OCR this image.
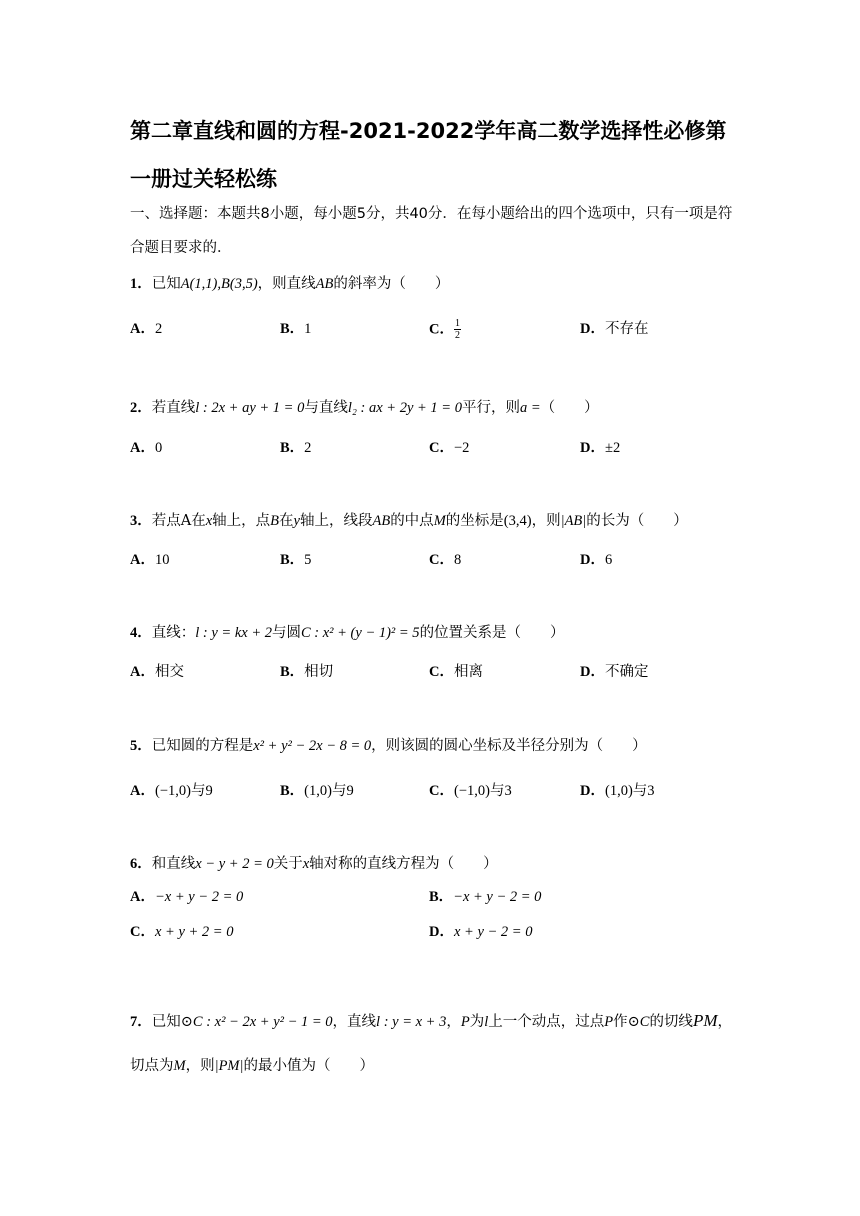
第二章直线和圆的方程-2021-2022学年高二数学选择性必修第一册过关轻松练
一、选择题：本题共8小题，每小题5分，共40分．在每小题给出的四个选项中，只有一项是符合题目要求的．
1．已知A(1,1),B(3,5)，则直线AB的斜率为（　　）
A．2	B．1	C． $\frac{1}{2}$	D．不存在
2．若直线l : 2x + ay + 1 = 0与直线l₂ : ax + 2y + 1 = 0平行，则a =（　　）
A．0	B．2	C．−2	D．±2
3．若点A在x轴上，点B在y轴上，线段AB的中点M的坐标是(3,4)，则|AB|的长为（　　）
A．10	B．5	C．8	D．6
4．直线：l : y = kx + 2与圆C : x² + (y − 1)² = 5的位置关系是（　　）
A．相交	B．相切	C．相离	D．不确定
5．已知圆的方程是x² + y² − 2x − 8 = 0，则该圆的圆心坐标及半径分别为（　　）
A．(−1,0)与9	B．(1,0)与9	C．(−1,0)与3	D．(1,0)与3
6．和直线x − y + 2 = 0关于x轴对称的直线方程为（　　）
A．−x + y − 2 = 0	B．−x + y − 2 = 0
C．x + y + 2 = 0	D．x + y − 2 = 0
7．已知⊙C : x² − 2x + y² − 1 = 0，直线l : y = x + 3，P为l上一个动点，过点P作⊙C的切线PM，
切点为M，则|PM|的最小值为（　　）
